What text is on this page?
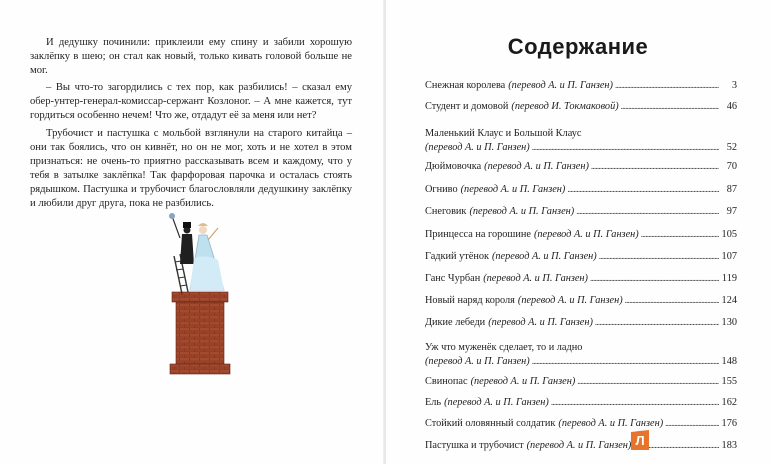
И дедушку починили: приклеили ему спину и забили хорошую заклёпку в шею; он стал как новый, только кивать головой больше не мог.

– Вы что-то загордились с тех пор, как разбились! – сказал ему обер-унтер-генерал-комиссар-сержант Козлоног. – А мне кажется, тут гордиться особенно нечем! Что же, отдадут её за меня или нет?

Трубочист и пастушка с мольбой взглянули на старого китайца – они так боялись, что он кивнёт, но он не мог, хоть и не хотел в этом признаться: не очень-то приятно рассказывать всем и каждому, что у тебя в затылке заклёпка! Так фарфоровая парочка и осталась стоять рядышком. Пастушка и трубочист благословляли дедушкину заклёпку и любили друг друга, пока не разбились.

Содержание
Снежная королева (перевод А. и П. Ганзен) . . .	3
Студент и домовой (перевод И. Токмаковой) . . .	46
Маленький Клаус и Большой Клаус
(перевод А. и П. Ганзен) . . .	52
Дюймовочка (перевод А. и П. Ганзен) . . .	70
Огниво (перевод А. и П. Ганзен) . . .	87
Снеговик (перевод А. и П. Ганзен) . . .	97
Принцесса на горошине (перевод А. и П. Ганзен) . . .	105
Гадкий утёнок (перевод А. и П. Ганзен) . . .	107
Ганс Чурбан (перевод А. и П. Ганзен) . . .	119
Новый наряд короля (перевод А. и П. Ганзен) . . .	124
Дикие лебеди (перевод А. и П. Ганзен) . . .	130
Уж что муженёк сделает, то и ладно
(перевод А. и П. Ганзен) . . .	148
Свинопас (перевод А. и П. Ганзен) . . .	155
Ель (перевод А. и П. Ганзен) . . .	162
Стойкий оловянный солдатик (перевод А. и П. Ганзен) . . .	176
Пастушка и трубочист (перевод А. и П. Ганзен) . . .	183
Л
